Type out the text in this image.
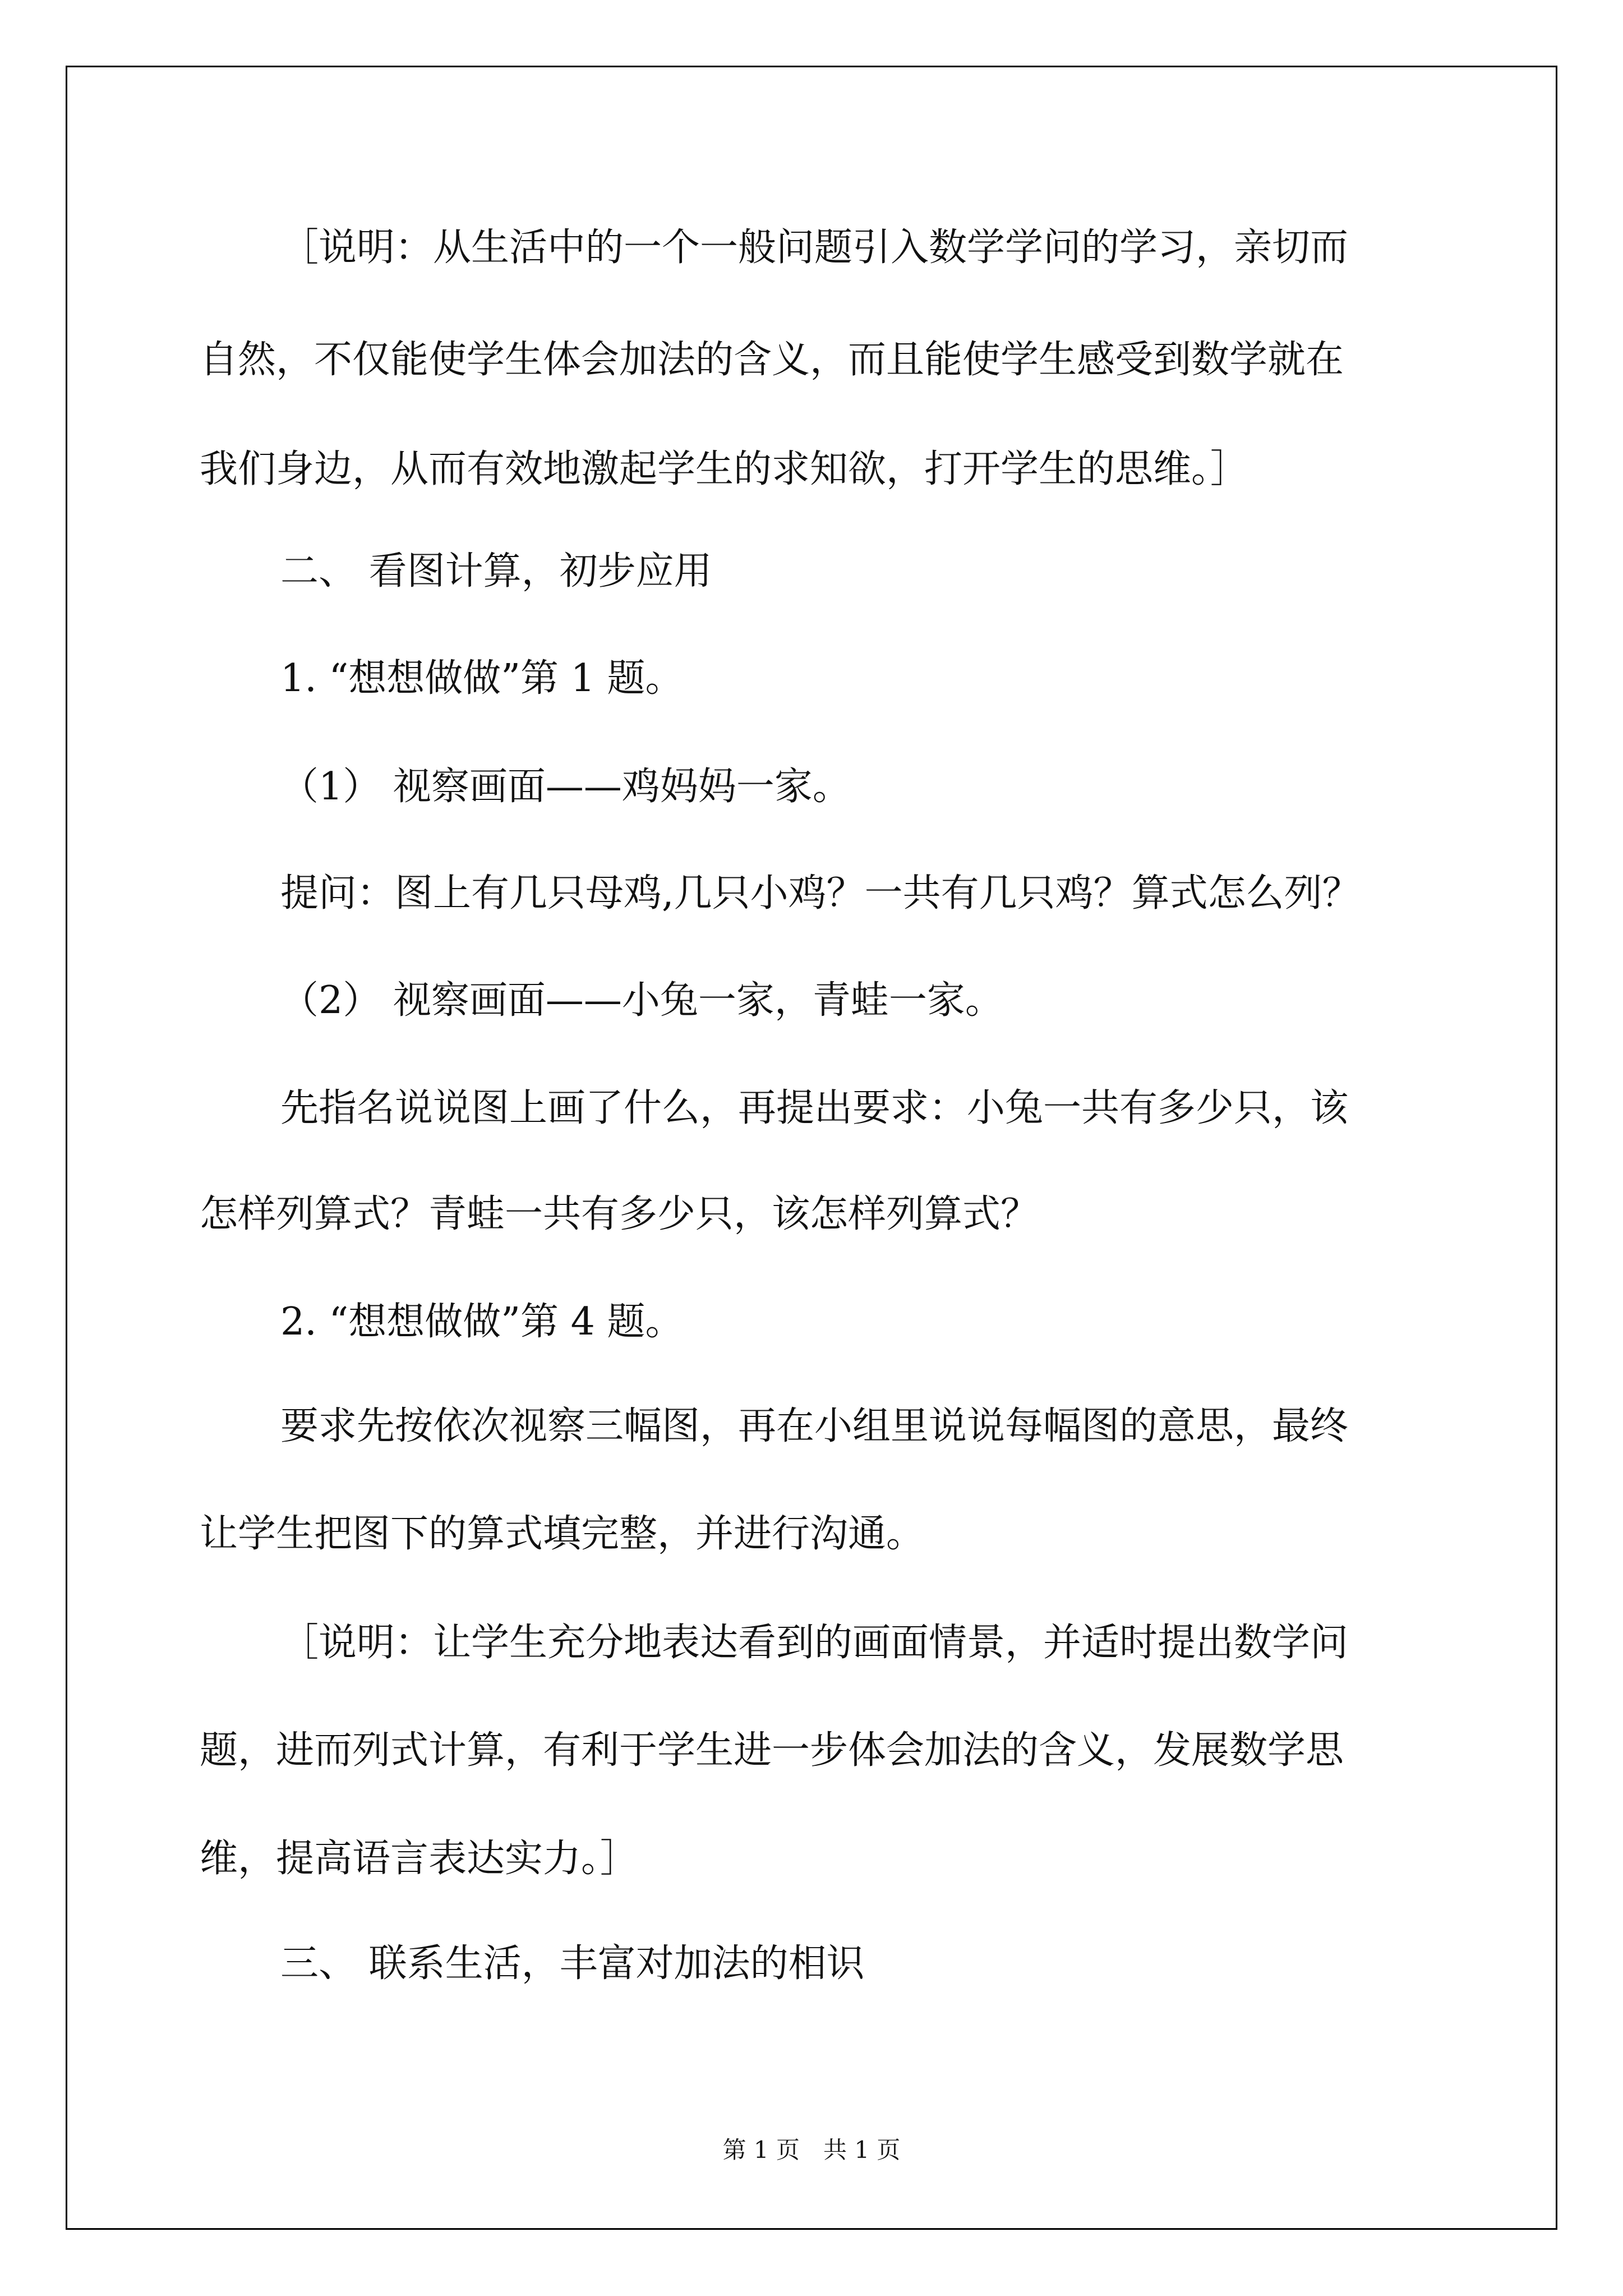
［说明：从生活中的一个一般问题引入数学学问的学习，亲切而

自然，不仅能使学生体会加法的含义，而且能使学生感受到数学就在

我们身边，从而有效地激起学生的求知欲，打开学生的思维。］

二、 看图计算，初步应用

1. “想想做做”第 1 题。

（1） 视察画面——鸡妈妈一家。

提问：图上有几只母鸡,几只小鸡？一共有几只鸡？算式怎么列？

（2） 视察画面——小兔一家，青蛙一家。

先指名说说图上画了什么，再提出要求：小兔一共有多少只，该

怎样列算式？青蛙一共有多少只，该怎样列算式？

2. “想想做做”第 4 题。

要求先按依次视察三幅图，再在小组里说说每幅图的意思，最终

让学生把图下的算式填完整，并进行沟通。

［说明：让学生充分地表达看到的画面情景，并适时提出数学问

题，进而列式计算，有利于学生进一步体会加法的含义，发展数学思

维，提高语言表达实力。］

三、 联系生活，丰富对加法的相识

第 1 页　共 1 页
